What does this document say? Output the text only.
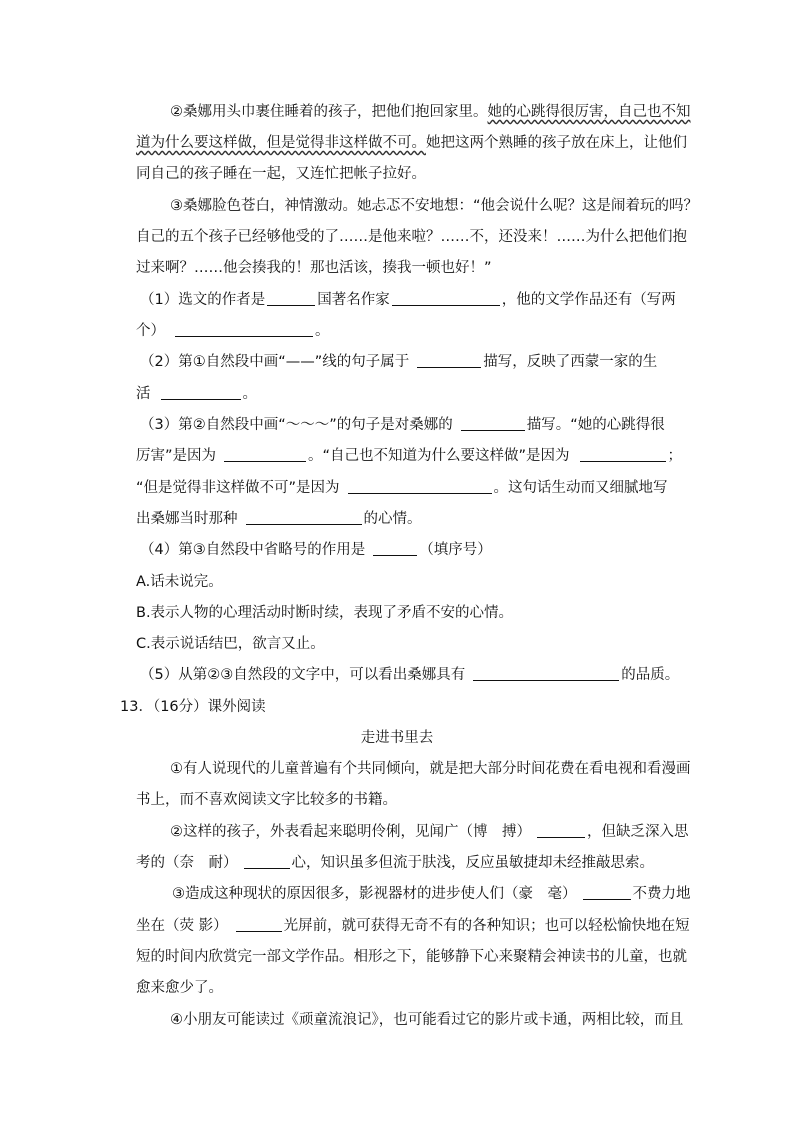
②桑娜用头巾裹住睡着的孩子，把他们抱回家里。她的心跳得很厉害，自己也不知
道为什么要这样做，但是觉得非这样做不可。她把这两个熟睡的孩子放在床上，让他们
同自己的孩子睡在一起，又连忙把帐子拉好。
③桑娜脸色苍白，神情激动。她忐忑不安地想：“他会说什么呢？这是闹着玩的吗？
自己的五个孩子已经够他受的了……是他来啦？……不，还没来！……为什么把他们抱
过来啊？……他会揍我的！那也活该，揍我一顿也好！”
（1）选文的作者是	国著名作家	，他的文学作品还有（写两
个）	。
（2）第①自然段中画“——”线的句子属于	描写，反映了西蒙一家的生
活	。
（3）第②自然段中画“～～～”的句子是对桑娜的	描写。“她的心跳得很
厉害”是因为	。“自己也不知道为什么要这样做”是因为	；
“但是觉得非这样做不可”是因为	。这句话生动而又细腻地写
出桑娜当时那种	的心情。
（4）第③自然段中省略号的作用是	（填序号）
A.话未说完。
B.表示人物的心理活动时断时续，表现了矛盾不安的心情。
C.表示说话结巴，欲言又止。
（5）从第②③自然段的文字中，可以看出桑娜具有	的品质。
13．（16分）课外阅读
走进书里去
①有人说现代的儿童普遍有个共同倾向，就是把大部分时间花费在看电视和看漫画
书上，而不喜欢阅读文字比较多的书籍。
②这样的孩子，外表看起来聪明伶俐，见闻广（博　搏）	，但缺乏深入思
考的（奈　耐）	心，知识虽多但流于肤浅，反应虽敏捷却未经推敲思索。
③造成这种现状的原因很多，影视器材的进步使人们（豪　毫）	不费力地
坐在（荧 影）	光屏前，就可获得无奇不有的各种知识；也可以轻松愉快地在短
短的时间内欣赏完一部文学作品。相形之下，能够静下心来聚精会神读书的儿童，也就
愈来愈少了。
④小朋友可能读过《顽童流浪记》，也可能看过它的影片或卡通，两相比较，而且
